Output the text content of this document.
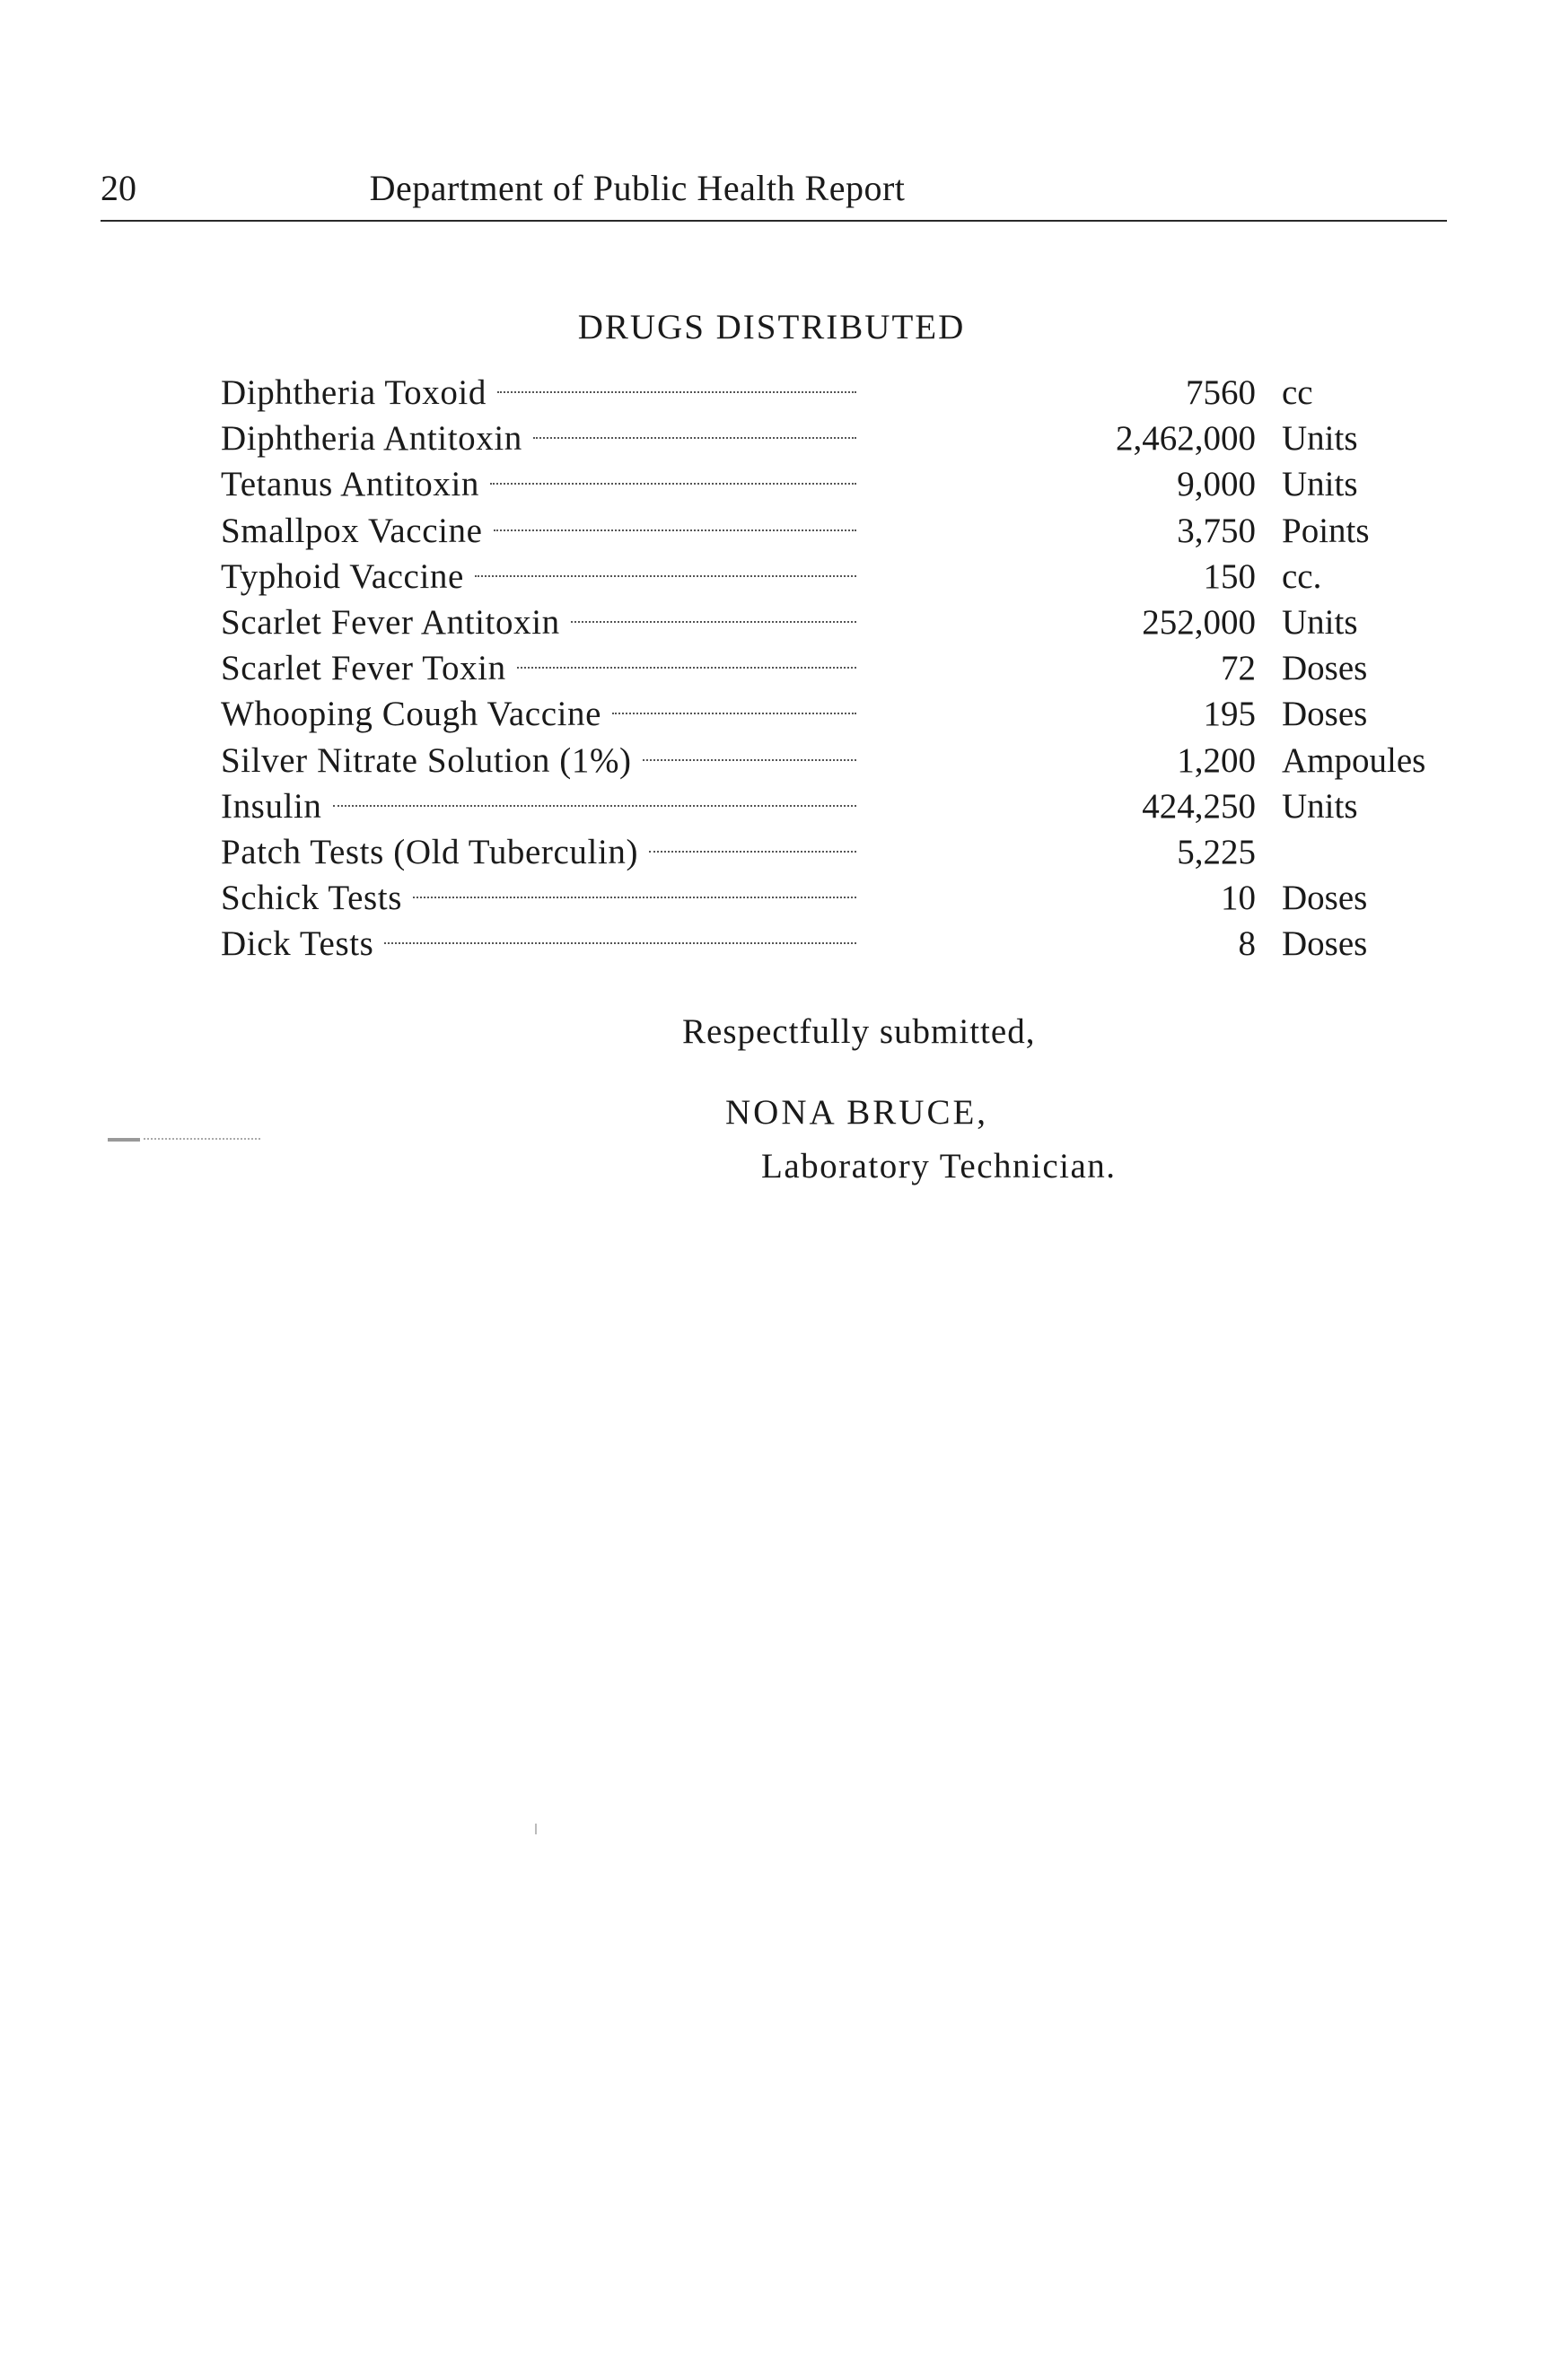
20	Department of Public Health Report
DRUGS DISTRIBUTED
Diphtheria Toxoid	7560 cc
Diphtheria Antitoxin	2,462,000 Units
Tetanus Antitoxin	9,000 Units
Smallpox Vaccine	3,750 Points
Typhoid Vaccine	150 cc.
Scarlet Fever Antitoxin	252,000 Units
Scarlet Fever Toxin	72 Doses
Whooping Cough Vaccine	195 Doses
Silver Nitrate Solution (1%)	1,200 Ampoules
Insulin	424,250 Units
Patch Tests (Old Tuberculin)	5,225
Schick Tests	10 Doses
Dick Tests	8 Doses
Respectfully submitted,
NONA BRUCE,
Laboratory Technician.
